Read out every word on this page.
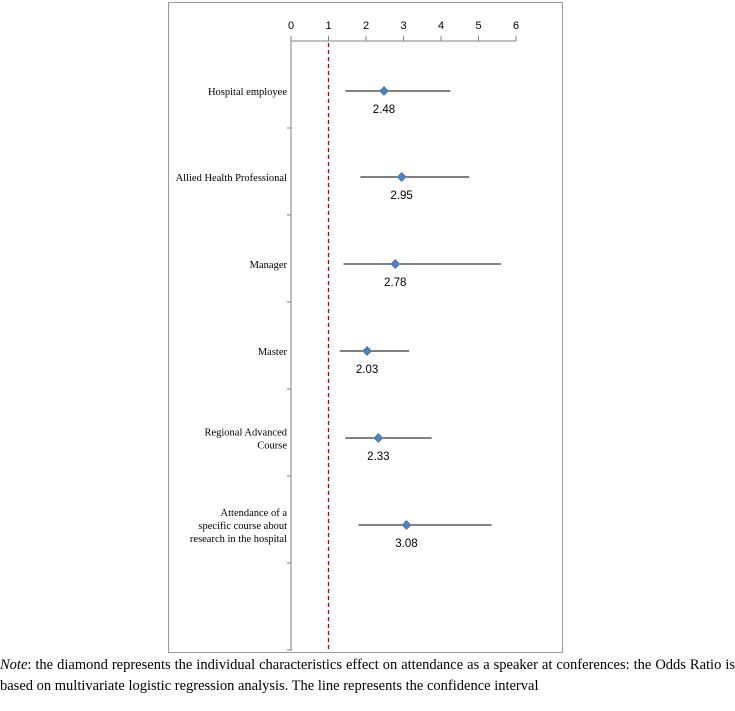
0	1	2	3	4	5	6
Hospital employee
2.48
Allied Health Professional
2.95
Manager
2.78
Master
2.03
Regional Advanced Course
2.33
Attendance of a specific course about research in the hospital	3.08
Note: the diamond represents the individual characteristics effect on attendance as a speaker at conferences: the Odds Ratio is based on multivariate logistic regression analysis. The line represents the confidence interval
